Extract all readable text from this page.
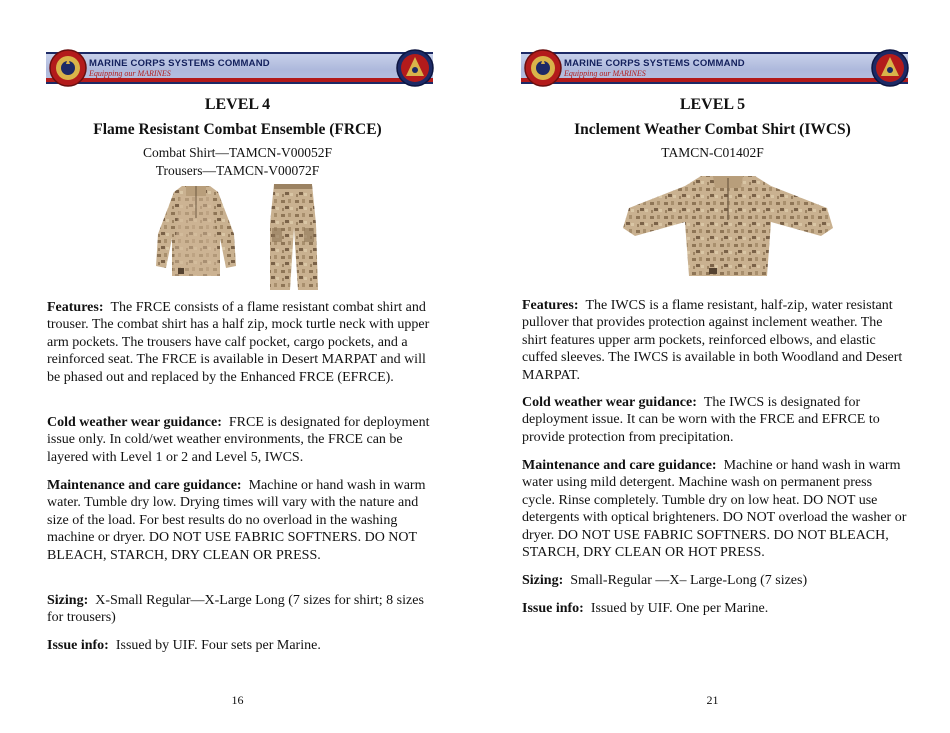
MARINE CORPS SYSTEMS COMMAND
Equipping our MARINES
LEVEL 4
Flame Resistant Combat Ensemble (FRCE)
Combat Shirt—TAMCN-V00052F
Trousers—TAMCN-V00072F

Features: The FRCE consists of a flame resistant combat shirt and trouser. The combat shirt has a half zip, mock turtle neck with upper arm pockets. The trousers have calf pocket, cargo pockets, and a reinforced seat. The FRCE is available in Desert MARPAT and will be phased out and replaced by the Enhanced FRCE (EFRCE).

Cold weather wear guidance: FRCE is designated for deployment issue only. In cold/wet weather environments, the FRCE can be layered with Level 1 or 2 and Level 5, IWCS.

Maintenance and care guidance: Machine or hand wash in warm water. Tumble dry low. Drying times will vary with the nature and size of the load. For best results do no overload in the washing machine or dryer. DO NOT USE FABRIC SOFTNERS. DO NOT BLEACH, STARCH, DRY CLEAN OR PRESS.

Sizing: X-Small Regular—X-Large Long (7 sizes for shirt; 8 sizes for trousers)

Issue info: Issued by UIF. Four sets per Marine.

16
MARINE CORPS SYSTEMS COMMAND
Equipping our MARINES
LEVEL 5
Inclement Weather Combat Shirt (IWCS)
TAMCN-C01402F

Features: The IWCS is a flame resistant, half-zip, water resistant pullover that provides protection against inclement weather. The shirt features upper arm pockets, reinforced elbows, and elastic cuffed sleeves. The IWCS is available in both Woodland and Desert MARPAT.

Cold weather wear guidance: The IWCS is designated for deployment issue. It can be worn with the FRCE and EFRCE to provide protection from precipitation.

Maintenance and care guidance: Machine or hand wash in warm water using mild detergent. Machine wash on permanent press cycle. Rinse completely. Tumble dry on low heat. DO NOT use detergents with optical brighteners. DO NOT overload the washer or dryer. DO NOT USE FABRIC SOFTNERS. DO NOT BLEACH, STARCH, DRY CLEAN OR HOT PRESS.

Sizing: Small-Regular —X– Large-Long (7 sizes)

Issue info: Issued by UIF. One per Marine.

21
